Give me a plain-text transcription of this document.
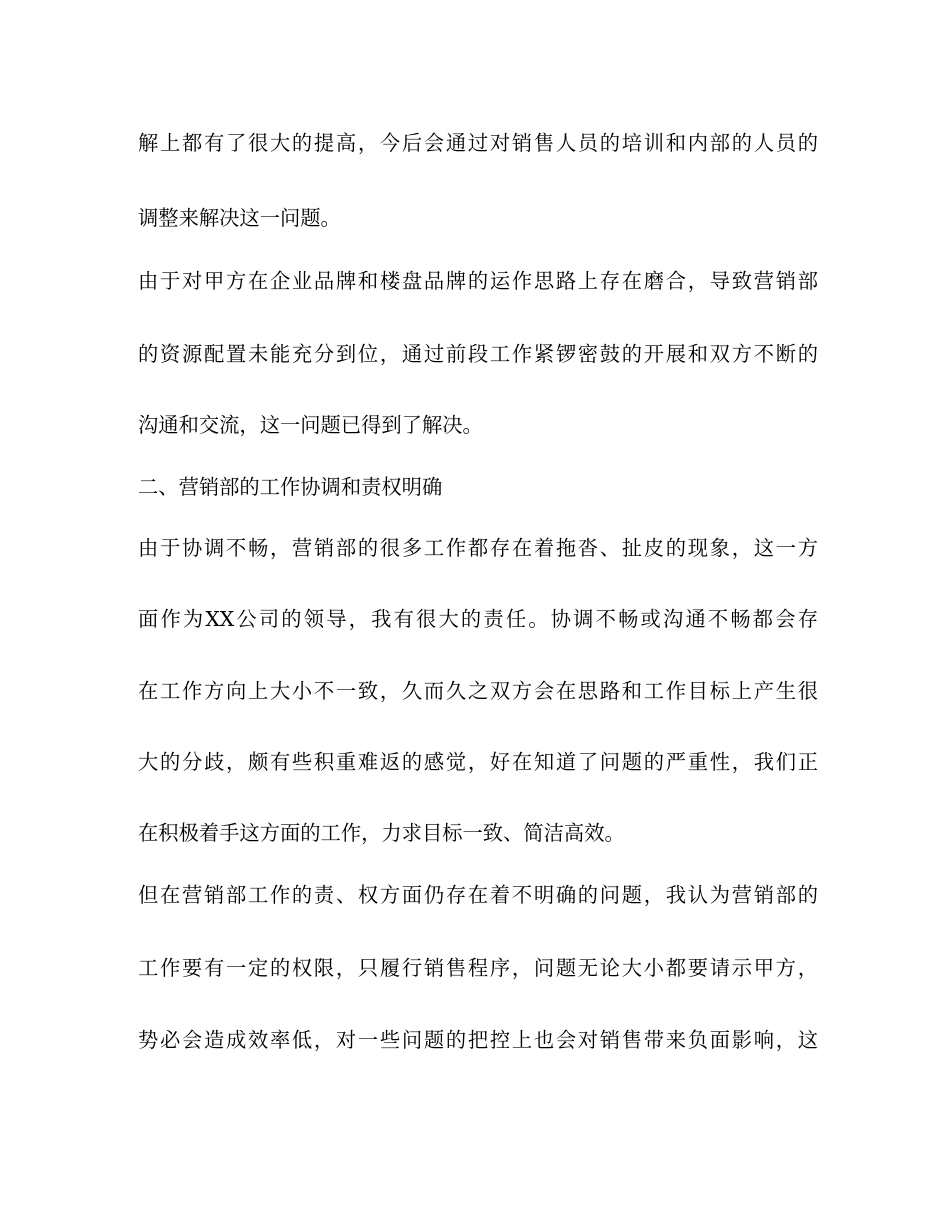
解上都有了很大的提高，今后会通过对销售人员的培训和内部的人员的

调整来解决这一问题。

由于对甲方在企业品牌和楼盘品牌的运作思路上存在磨合，导致营销部

的资源配置未能充分到位，通过前段工作紧锣密鼓的开展和双方不断的

沟通和交流，这一问题已得到了解决。

二、营销部的工作协调和责权明确

由于协调不畅，营销部的很多工作都存在着拖沓、扯皮的现象，这一方

面作为XX公司的领导，我有很大的责任。协调不畅或沟通不畅都会存

在工作方向上大小不一致，久而久之双方会在思路和工作目标上产生很

大的分歧，颇有些积重难返的感觉，好在知道了问题的严重性，我们正

在积极着手这方面的工作，力求目标一致、简洁高效。

但在营销部工作的责、权方面仍存在着不明确的问题，我认为营销部的

工作要有一定的权限，只履行销售程序，问题无论大小都要请示甲方，

势必会造成效率低，对一些问题的把控上也会对销售带来负面影响，这
